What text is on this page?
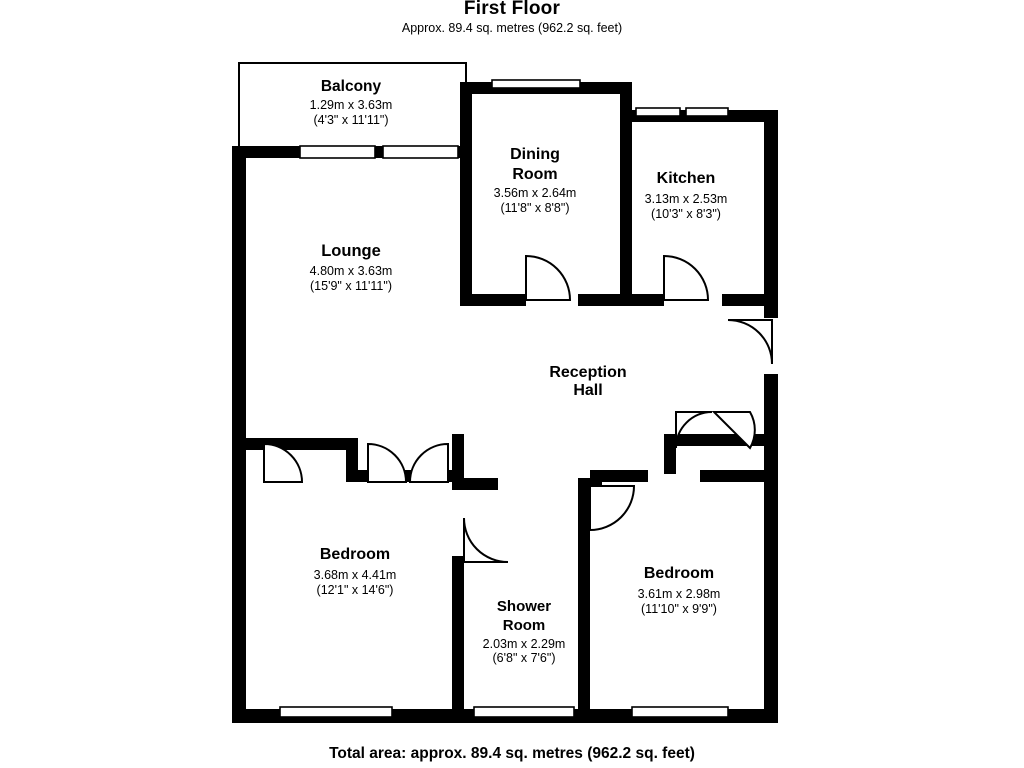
First Floor
Approx. 89.4 sq. metres (962.2 sq. feet)
Balcony
1.29m x 3.63m
(4'3" x 11'11")
Lounge
4.80m x 3.63m
(15'9" x 11'11")
Dining
Room
3.56m x 2.64m
(11'8" x 8'8")
Kitchen
3.13m x 2.53m
(10'3" x 8'3")
Reception
Hall
Bedroom
3.68m x 4.41m
(12'1" x 14'6")
Bedroom
3.61m x 2.98m
(11'10" x 9'9")
Shower
Room
2.03m x 2.29m
(6'8" x 7'6")
Total area: approx. 89.4 sq. metres (962.2 sq. feet)
